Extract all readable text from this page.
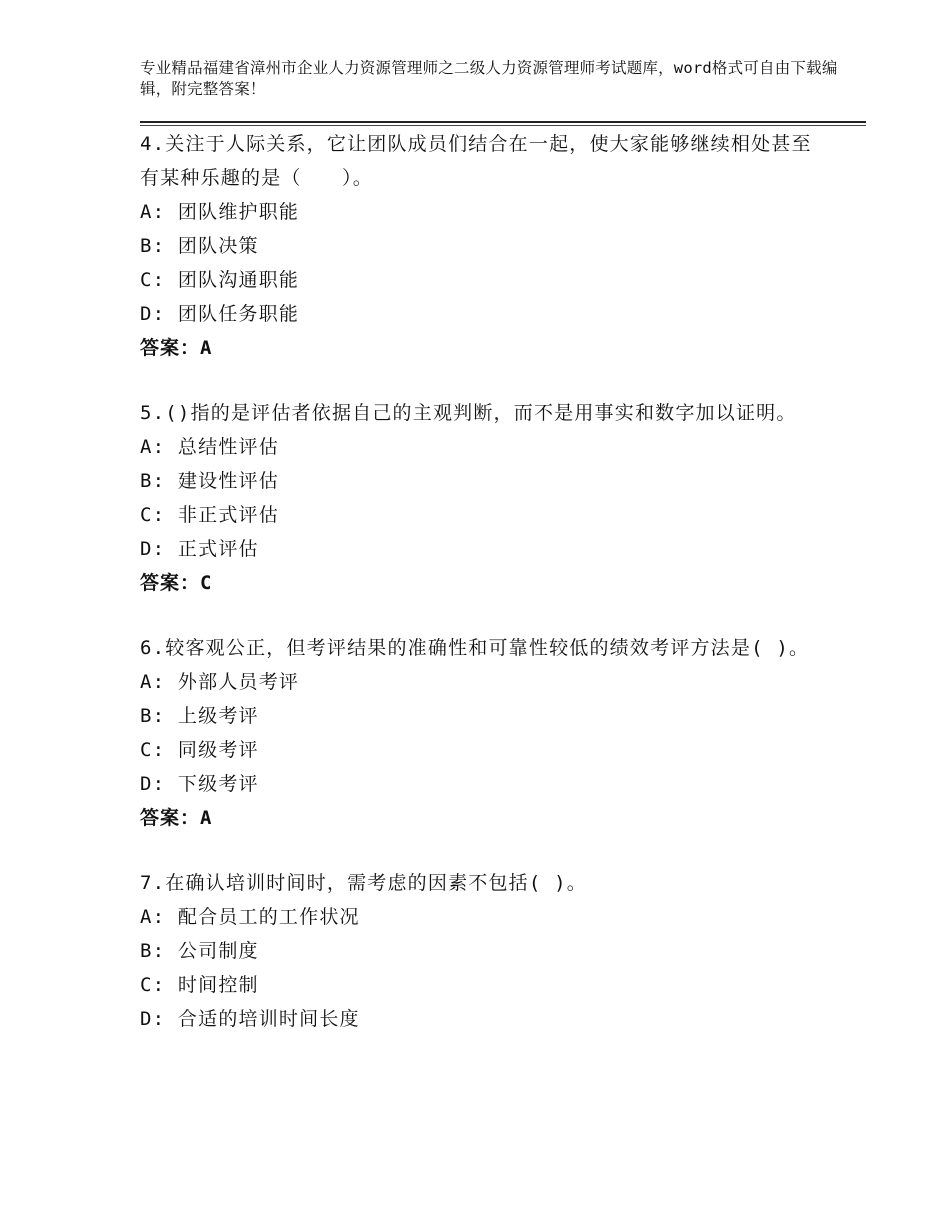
专业精品福建省漳州市企业人力资源管理师之二级人力资源管理师考试题库，word格式可自由下载编辑，附完整答案！
4.关注于人际关系，它让团队成员们结合在一起，使大家能够继续相处甚至有某种乐趣的是（　　）。
A: 团队维护职能
B: 团队决策
C: 团队沟通职能
D: 团队任务职能
答案：A
5.()指的是评估者依据自己的主观判断，而不是用事实和数字加以证明。
A: 总结性评估
B: 建设性评估
C: 非正式评估
D: 正式评估
答案：C
6.较客观公正，但考评结果的准确性和可靠性较低的绩效考评方法是( )。
A: 外部人员考评
B: 上级考评
C: 同级考评
D: 下级考评
答案：A
7.在确认培训时间时，需考虑的因素不包括( )。
A: 配合员工的工作状况
B: 公司制度
C: 时间控制
D: 合适的培训时间长度
